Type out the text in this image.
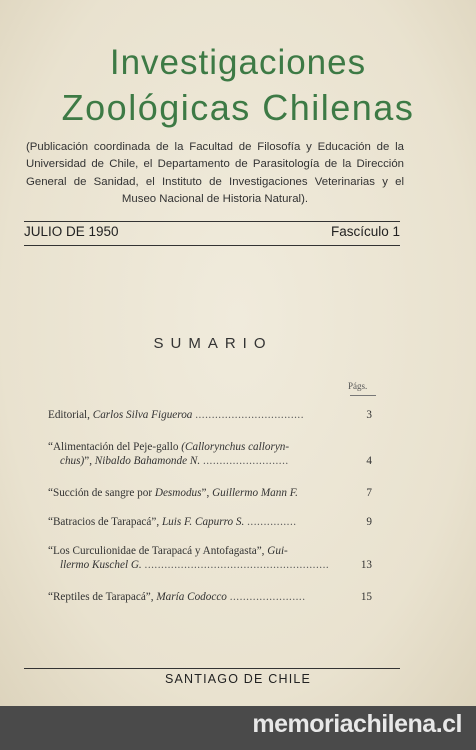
Investigaciones
Zoológicas Chilenas
(Publicación coordinada de la Facultad de Filosofía y Educación de la Universidad de Chile, el Departamento de Parasitología de la Dirección General de Sanidad, el Instituto de Investigaciones Veterinarias y el Museo Nacional de Historia Natural).
JULIO DE 1950	Fascículo 1
SUMARIO
Págs.
Editorial, Carlos Silva Figueroa .................................	3
“Alimentación del Peje-gallo (Callorynchus calloryn-
chus)”, Nibaldo Bahamonde N. ..........................	4
“Succión de sangre por Desmodus”, Guillermo Mann F.	7
“Batracios de Tarapacá”, Luis F. Capurro S. ...............	9
“Los Curculionidae de Tarapacá y Antofagasta”, Gui-
llermo Kuschel G. ........................................................	13
“Reptiles de Tarapacá”, María Codocco .......................	15
SANTIAGO DE CHILE
memoriachilena.cl
